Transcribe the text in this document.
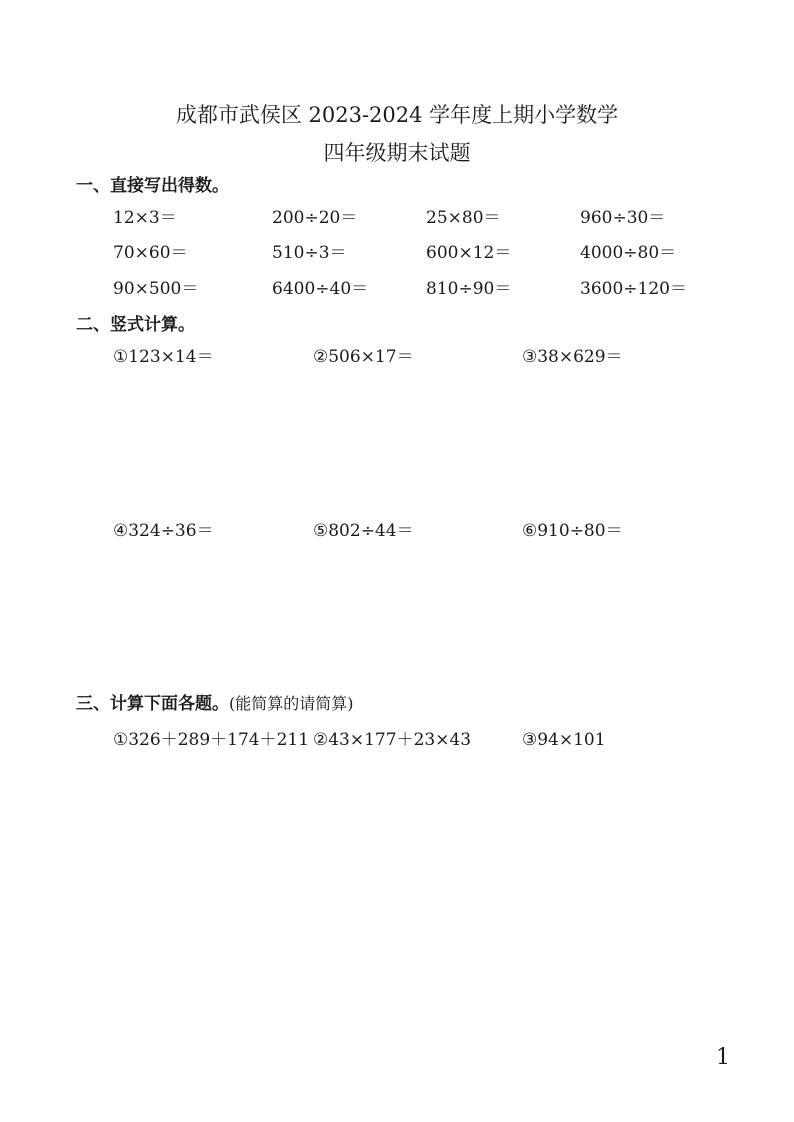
成都市武侯区 2023-2024 学年度上期小学数学
四年级期末试题
一、直接写出得数。
12×3＝	200÷20＝	25×80＝	960÷30＝
70×60＝	510÷3＝	600×12＝	4000÷80＝
90×500＝	6400÷40＝	810÷90＝	3600÷120＝
二、竖式计算。
①123×14＝	②506×17＝	③38×629＝
④324÷36＝	⑤802÷44＝	⑥910÷80＝
三、计算下面各题。(能简算的请简算)
①326＋289＋174＋211 ②43×177＋23×43	③94×101
1
